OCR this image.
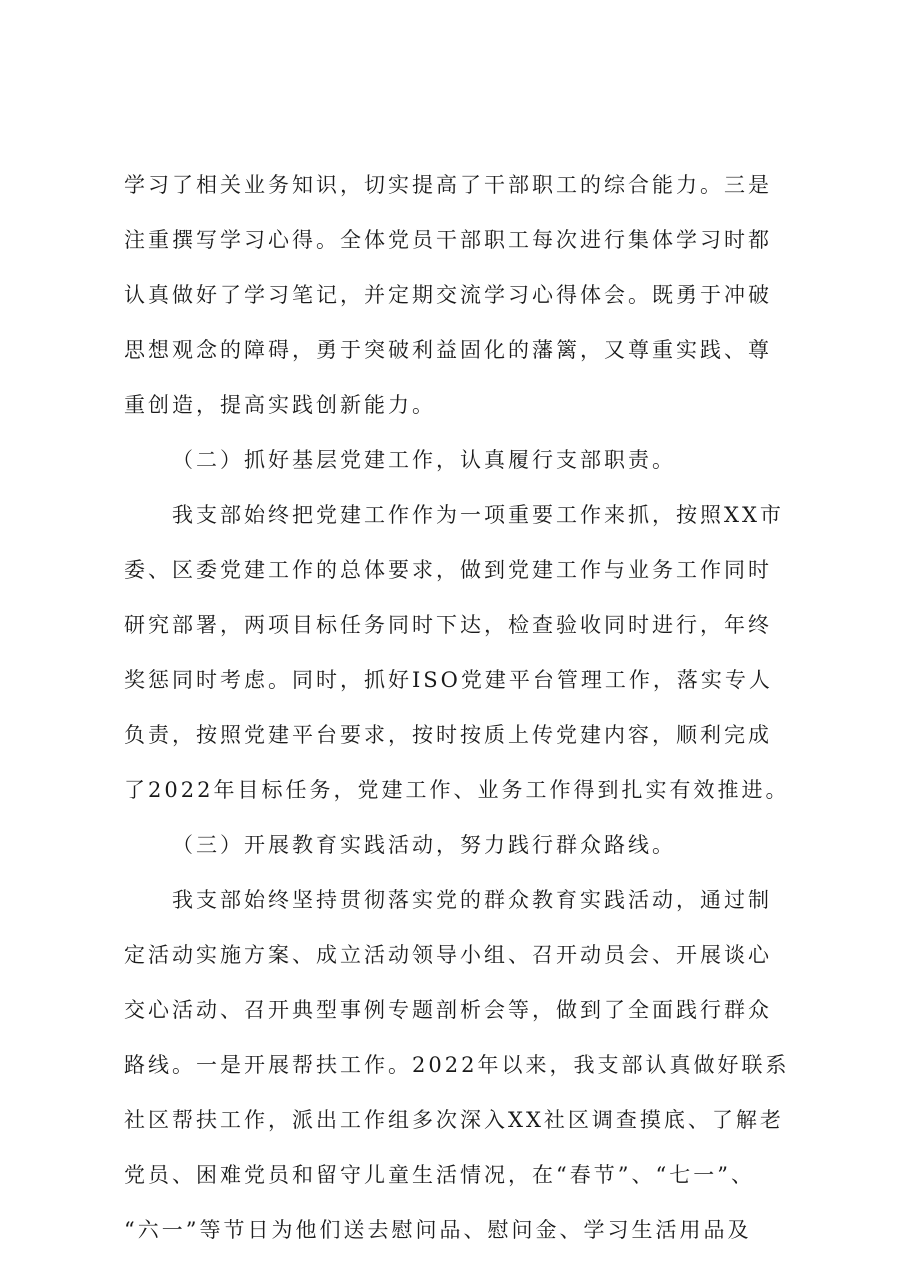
学习了相关业务知识，切实提高了干部职工的综合能力。三是
注重撰写学习心得。全体党员干部职工每次进行集体学习时都
认真做好了学习笔记，并定期交流学习心得体会。既勇于冲破
思想观念的障碍，勇于突破利益固化的藩篱，又尊重实践、尊
重创造，提高实践创新能力。
（二）抓好基层党建工作，认真履行支部职责。
我支部始终把党建工作作为一项重要工作来抓，按照XX市
委、区委党建工作的总体要求，做到党建工作与业务工作同时
研究部署，两项目标任务同时下达，检查验收同时进行，年终
奖惩同时考虑。同时，抓好ISO党建平台管理工作，落实专人
负责，按照党建平台要求，按时按质上传党建内容，顺利完成
了2022年目标任务，党建工作、业务工作得到扎实有效推进。
（三）开展教育实践活动，努力践行群众路线。
我支部始终坚持贯彻落实党的群众教育实践活动，通过制
定活动实施方案、成立活动领导小组、召开动员会、开展谈心
交心活动、召开典型事例专题剖析会等，做到了全面践行群众
路线。一是开展帮扶工作。2022年以来，我支部认真做好联系
社区帮扶工作，派出工作组多次深入XX社区调查摸底、了解老
党员、困难党员和留守儿童生活情况，在“春节”、“七一”、
“六一”等节日为他们送去慰问品、慰问金、学习生活用品及
